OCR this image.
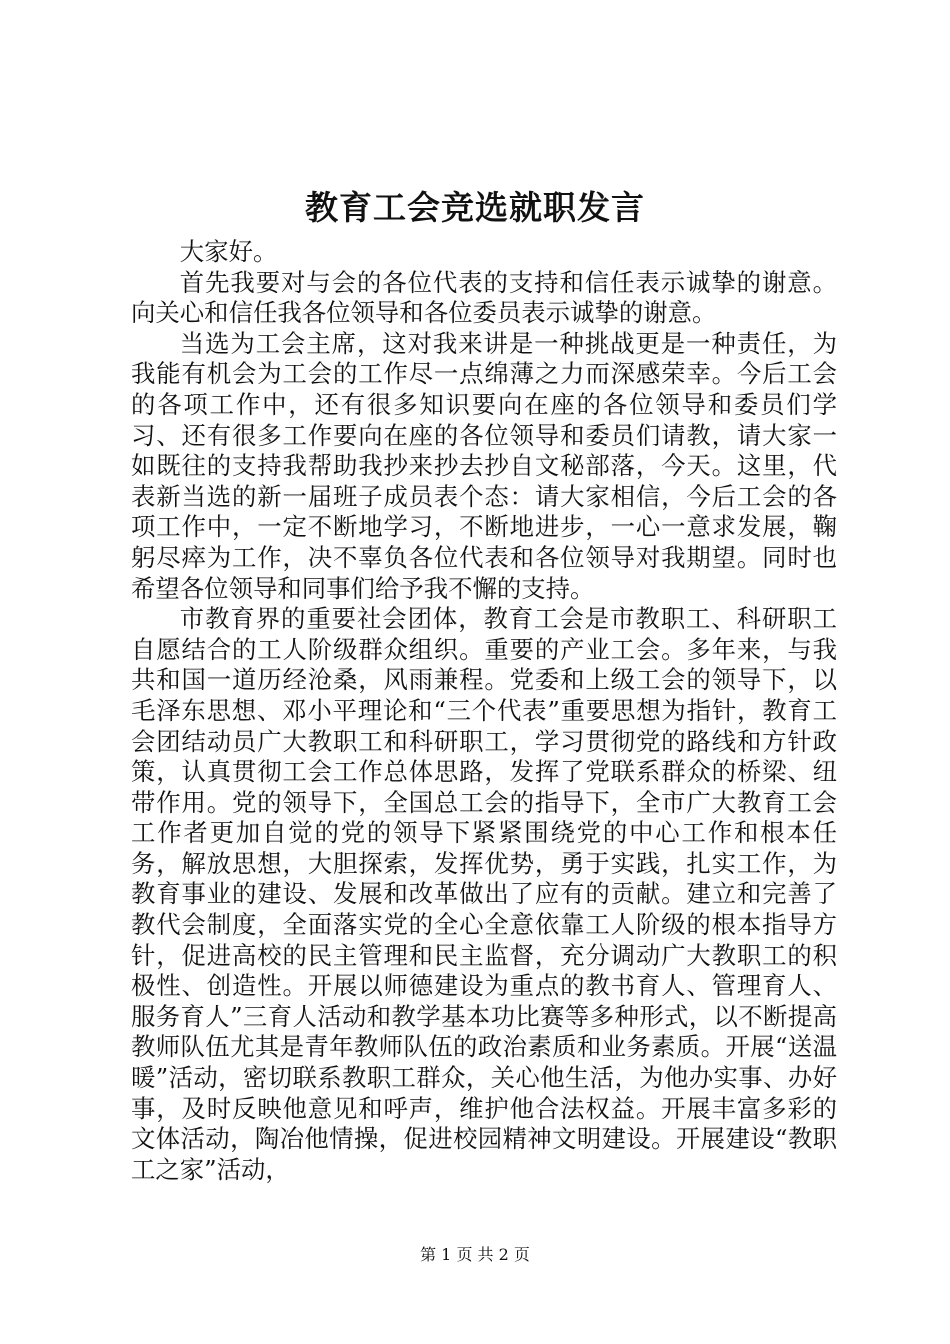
教育工会竞选就职发言

大家好。

首先我要对与会的各位代表的支持和信任表示诚挚的谢意。向关心和信任我各位领导和各位委员表示诚挚的谢意。

当选为工会主席，这对我来讲是一种挑战更是一种责任，为我能有机会为工会的工作尽一点绵薄之力而深感荣幸。今后工会的各项工作中，还有很多知识要向在座的各位领导和委员们学习、还有很多工作要向在座的各位领导和委员们请教，请大家一如既往的支持我帮助我抄来抄去抄自文秘部落，今天。这里，代表新当选的新一届班子成员表个态：请大家相信，今后工会的各项工作中，一定不断地学习，不断地进步，一心一意求发展，鞠躬尽瘁为工作，决不辜负各位代表和各位领导对我期望。同时也希望各位领导和同事们给予我不懈的支持。

市教育界的重要社会团体，教育工会是市教职工、科研职工自愿结合的工人阶级群众组织。重要的产业工会。多年来，与我共和国一道历经沧桑，风雨兼程。党委和上级工会的领导下，以毛泽东思想、邓小平理论和“三个代表”重要思想为指针，教育工会团结动员广大教职工和科研职工，学习贯彻党的路线和方针政策，认真贯彻工会工作总体思路，发挥了党联系群众的桥梁、纽带作用。党的领导下，全国总工会的指导下，全市广大教育工会工作者更加自觉的党的领导下紧紧围绕党的中心工作和根本任务，解放思想，大胆探索，发挥优势，勇于实践，扎实工作，为教育事业的建设、发展和改革做出了应有的贡献。建立和完善了教代会制度，全面落实党的全心全意依靠工人阶级的根本指导方针，促进高校的民主管理和民主监督，充分调动广大教职工的积极性、创造性。开展以师德建设为重点的教书育人、管理育人、服务育人”三育人活动和教学基本功比赛等多种形式，以不断提高教师队伍尤其是青年教师队伍的政治素质和业务素质。开展“送温暖”活动，密切联系教职工群众，关心他生活，为他办实事、办好事，及时反映他意见和呼声，维护他合法权益。开展丰富多彩的文体活动，陶冶他情操，促进校园精神文明建设。开展建设“教职工之家”活动，

第 1 页 共 2 页
